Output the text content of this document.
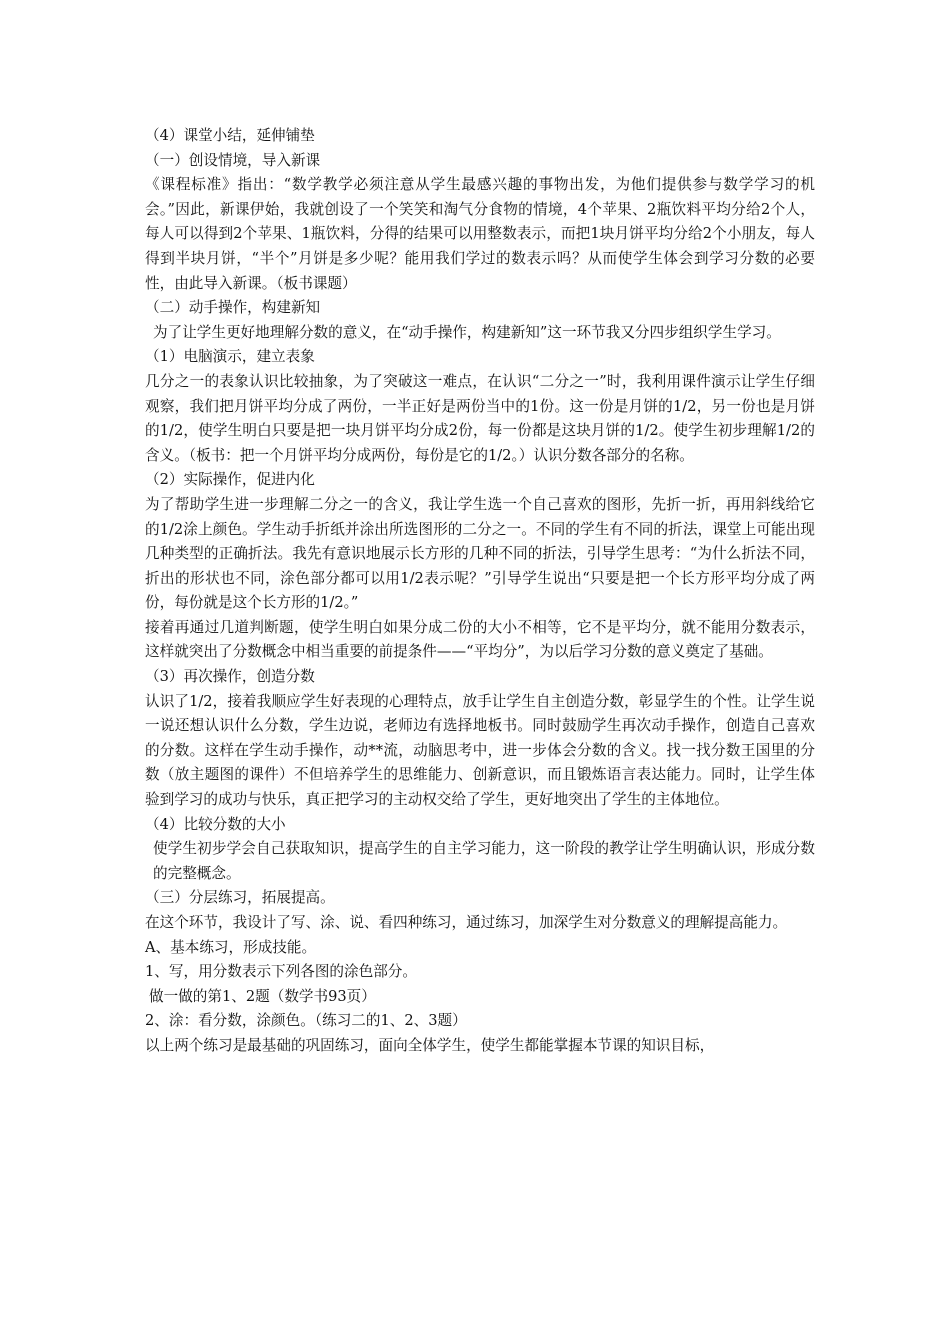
（4）课堂小结，延伸铺垫

（一）创设情境，导入新课

《课程标准》指出：“数学教学必须注意从学生最感兴趣的事物出发，为他们提供参与数学学习的机会。”因此，新课伊始，我就创设了一个笑笑和淘气分食物的情境，4个苹果、2瓶饮料平均分给2个人，每人可以得到2个苹果、1瓶饮料，分得的结果可以用整数表示，而把1块月饼平均分给2个小朋友，每人得到半块月饼，“半个”月饼是多少呢？能用我们学过的数表示吗？从而使学生体会到学习分数的必要性，由此导入新课。（板书课题）

（二）动手操作，构建新知

为了让学生更好地理解分数的意义，在“动手操作，构建新知”这一环节我又分四步组织学生学习。

（1）电脑演示，建立表象

几分之一的表象认识比较抽象，为了突破这一难点，在认识“二分之一”时，我利用课件演示让学生仔细观察，我们把月饼平均分成了两份，一半正好是两份当中的1份。这一份是月饼的1/2，另一份也是月饼的1/2，使学生明白只要是把一块月饼平均分成2份，每一份都是这块月饼的1/2。使学生初步理解1/2的含义。（板书：把一个月饼平均分成两份，每份是它的1/2。）认识分数各部分的名称。

（2）实际操作，促进内化

为了帮助学生进一步理解二分之一的含义，我让学生选一个自己喜欢的图形，先折一折，再用斜线给它的1/2涂上颜色。学生动手折纸并涂出所选图形的二分之一。不同的学生有不同的折法，课堂上可能出现几种类型的正确折法。我先有意识地展示长方形的几种不同的折法，引导学生思考：“为什么折法不同，折出的形状也不同，涂色部分都可以用1/2表示呢？”引导学生说出“只要是把一个长方形平均分成了两份，每份就是这个长方形的1/2。”

接着再通过几道判断题，使学生明白如果分成二份的大小不相等，它不是平均分，就不能用分数表示，这样就突出了分数概念中相当重要的前提条件——“平均分”，为以后学习分数的意义奠定了基础。

（3）再次操作，创造分数

认识了1/2，接着我顺应学生好表现的心理特点，放手让学生自主创造分数，彰显学生的个性。让学生说一说还想认识什么分数，学生边说，老师边有选择地板书。同时鼓励学生再次动手操作，创造自己喜欢的分数。这样在学生动手操作，动**流，动脑思考中，进一步体会分数的含义。找一找分数王国里的分数（放主题图的课件）不但培养学生的思维能力、创新意识，而且锻炼语言表达能力。同时，让学生体验到学习的成功与快乐，真正把学习的主动权交给了学生，更好地突出了学生的主体地位。

（4）比较分数的大小

使学生初步学会自己获取知识，提高学生的自主学习能力，这一阶段的教学让学生明确认识，形成分数的完整概念。

（三）分层练习，拓展提高。

在这个环节，我设计了写、涂、说、看四种练习，通过练习，加深学生对分数意义的理解提高能力。

A、基本练习，形成技能。

1、写，用分数表示下列各图的涂色部分。

做一做的第1、2题（数学书93页）

2、涂：看分数，涂颜色。（练习二的1、2、3题）

以上两个练习是最基础的巩固练习，面向全体学生，使学生都能掌握本节课的知识目标，
